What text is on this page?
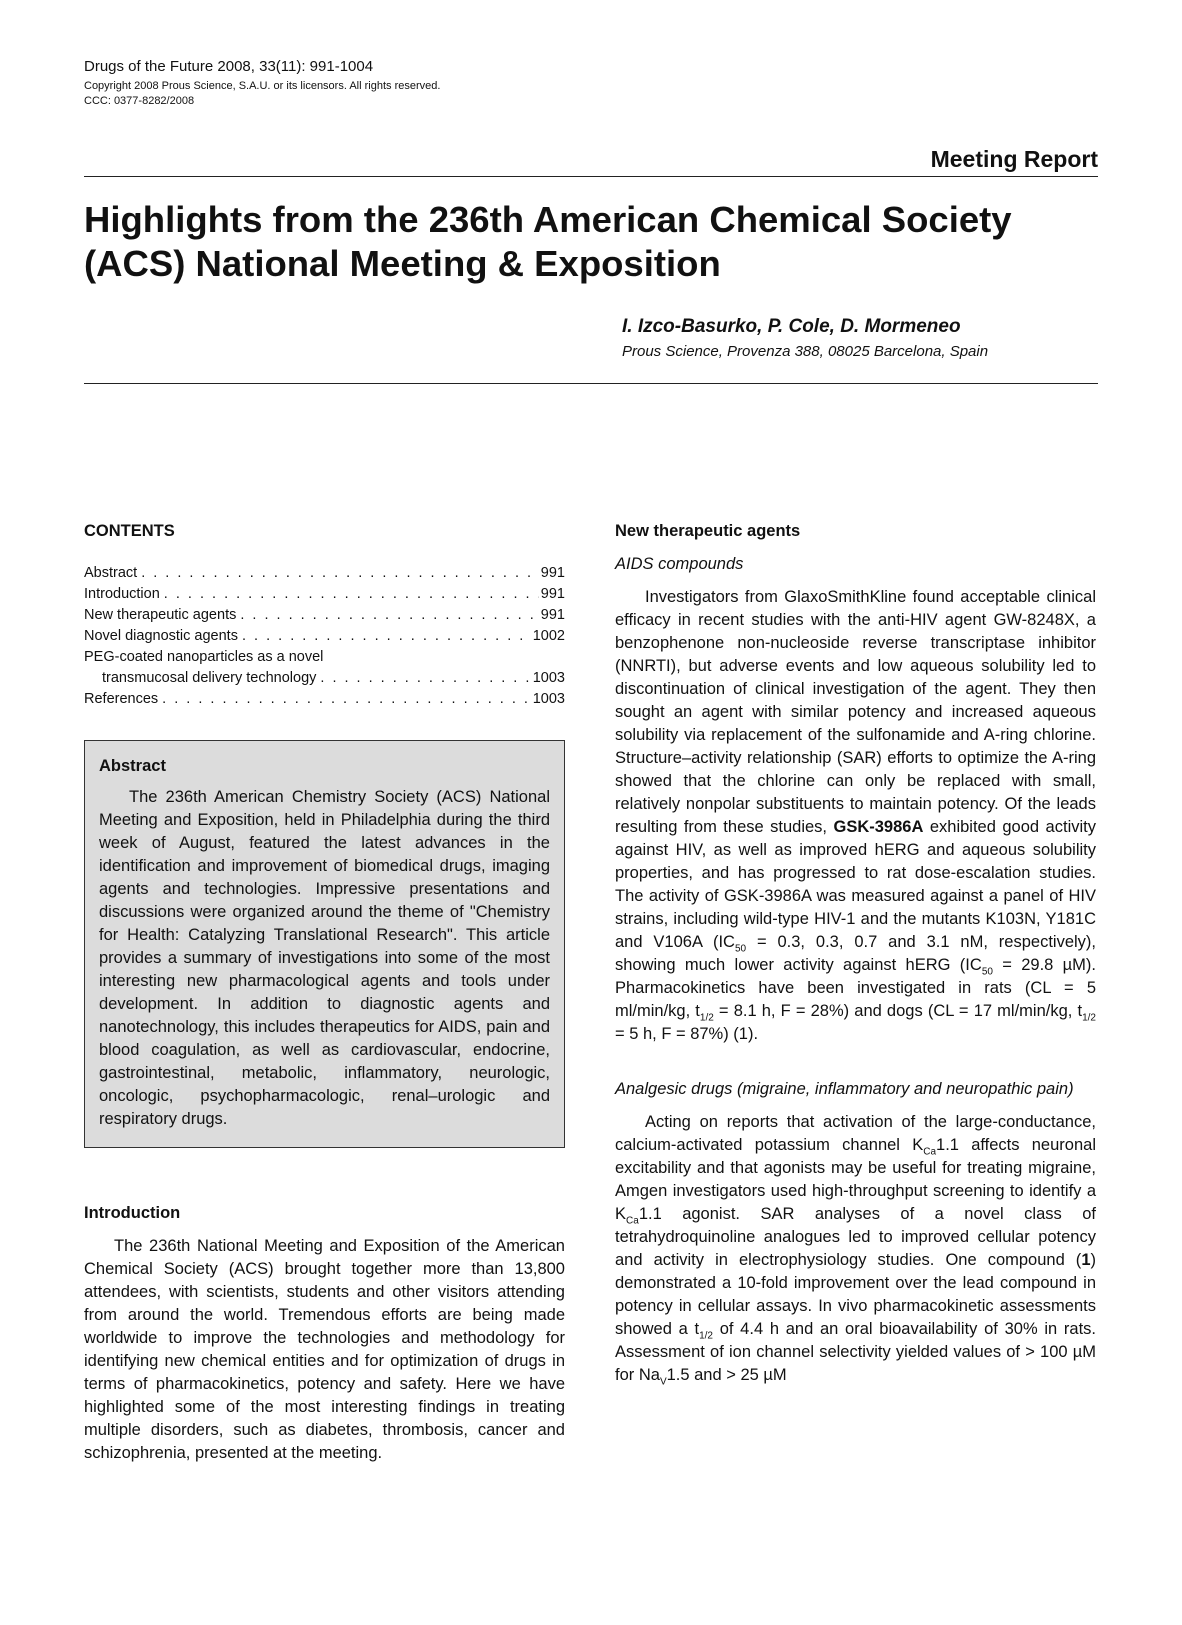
Drugs of the Future 2008, 33(11): 991-1004
Copyright 2008 Prous Science, S.A.U. or its licensors. All rights reserved.
CCC: 0377-8282/2008
Meeting Report
Highlights from the 236th American Chemical Society (ACS) National Meeting & Exposition
I. Izco-Basurko, P. Cole, D. Mormeneo
Prous Science, Provenza 388, 08025 Barcelona, Spain
CONTENTS
Abstract . . .	991
Introduction . . .	991
New therapeutic agents . . .	991
Novel diagnostic agents . . .	1002
PEG-coated nanoparticles as a novel
transmucosal delivery technology . . .	1003
References . . .	1003
Abstract

The 236th American Chemistry Society (ACS) National Meeting and Exposition, held in Philadelphia during the third week of August, featured the latest advances in the identification and improvement of biomedical drugs, imaging agents and technologies. Impressive presentations and discussions were organized around the theme of "Chemistry for Health: Catalyzing Translational Research". This article provides a summary of investigations into some of the most interesting new pharmacological agents and tools under development. In addition to diagnostic agents and nanotechnology, this includes therapeutics for AIDS, pain and blood coagulation, as well as cardiovascular, endocrine, gastrointestinal, metabolic, inflammatory, neurologic, oncologic, psychopharmacologic, renal–urologic and respiratory drugs.

Introduction

The 236th National Meeting and Exposition of the American Chemical Society (ACS) brought together more than 13,800 attendees, with scientists, students and other visitors attending from around the world. Tremendous efforts are being made worldwide to improve the technologies and methodology for identifying new chemical entities and for optimization of drugs in terms of pharmacokinetics, potency and safety. Here we have highlighted some of the most interesting findings in treating multiple disorders, such as diabetes, thrombosis, cancer and schizophrenia, presented at the meeting.

New therapeutic agents

AIDS compounds

Investigators from GlaxoSmithKline found acceptable clinical efficacy in recent studies with the anti-HIV agent GW-8248X, a benzophenone non-nucleoside reverse transcriptase inhibitor (NNRTI), but adverse events and low aqueous solubility led to discontinuation of clinical investigation of the agent. They then sought an agent with similar potency and increased aqueous solubility via replacement of the sulfonamide and A-ring chlorine. Structure–activity relationship (SAR) efforts to optimize the A-ring showed that the chlorine can only be replaced with small, relatively nonpolar substituents to maintain potency. Of the leads resulting from these studies, GSK-3986A exhibited good activity against HIV, as well as improved hERG and aqueous solubility properties, and has progressed to rat dose-escalation studies. The activity of GSK-3986A was measured against a panel of HIV strains, including wild-type HIV-1 and the mutants K103N, Y181C and V106A ($IC_{50} = 0.3$, 0.3, 0.7 and 3.1 nM, respectively), showing much lower activity against hERG ($IC_{50} = 29.8$ µM). Pharmacokinetics have been investigated in rats (CL = 5 ml/min/kg, $t_{1/2} = 8.1$ h, F = 28%) and dogs (CL = 17 ml/min/kg, $t_{1/2} = 5$ h, F = 87%) (1).

Analgesic drugs (migraine, inflammatory and neuropathic pain)

Acting on reports that activation of the large-conductance, calcium-activated potassium channel $K_{Ca}1.1$ affects neuronal excitability and that agonists may be useful for treating migraine, Amgen investigators used high-throughput screening to identify a $K_{Ca}1.1$ agonist. SAR analyses of a novel class of tetrahydroquinoline analogues led to improved cellular potency and activity in electrophysiology studies. One compound (1) demonstrated a 10-fold improvement over the lead compound in potency in cellular assays. In vivo pharmacokinetic assessments showed a $t_{1/2}$ of 4.4 h and an oral bioavailability of 30% in rats. Assessment of ion channel selectivity yielded values of > 100 µM for $Na_V1.5$ and > 25 µM
